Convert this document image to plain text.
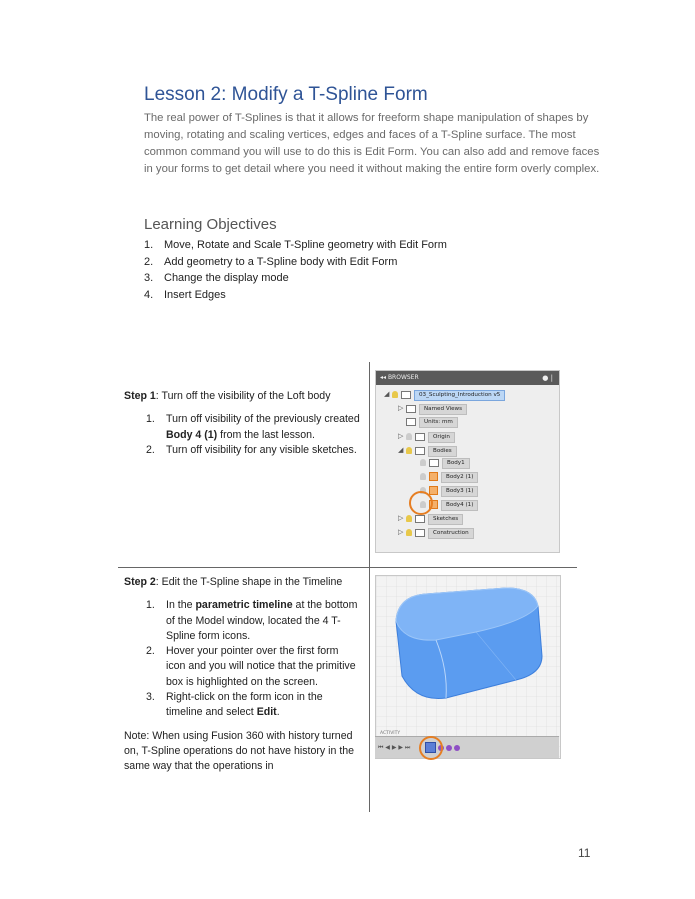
Lesson 2: Modify a T-Spline Form
The real power of T-Splines is that it allows for freeform shape manipulation of shapes by moving, rotating and scaling vertices, edges and faces of a T-Spline surface. The most common command you will use to do this is Edit Form. You can also add and remove faces in your forms to get detail where you need it without making the entire form overly complex.
Learning Objectives
1. Move, Rotate and Scale T-Spline geometry with Edit Form
2. Add geometry to a T-Spline body with Edit Form
3. Change the display mode
4. Insert Edges
Step 1: Turn off the visibility of the Loft body
1. Turn off visibility of the previously created Body 4 (1) from the last lesson.
2. Turn off visibility for any visible sketches.
◂◂ BROWSER	● |
◢	03_Sculpting_Introduction v5
▷	Named Views
Units: mm
▷	Origin
◢	Bodies
Body1
Body2 (1)
Body3 (1)
Body4 (1)
▷	Sketches
▷	Construction
Step 2: Edit the T-Spline shape in the Timeline
1. In the parametric timeline at the bottom of the Model window, located the 4 T-Spline form icons.
2. Hover your pointer over the first form icon and you will notice that the primitive box is highlighted on the screen.
3. Right-click on the form icon in the timeline and select Edit.
Note: When using Fusion 360 with history turned on, T-Spline operations do not have history in the same way that the operations in
ACTIVITY
⏮ ◀ ▶ ▶ ⏭
11
